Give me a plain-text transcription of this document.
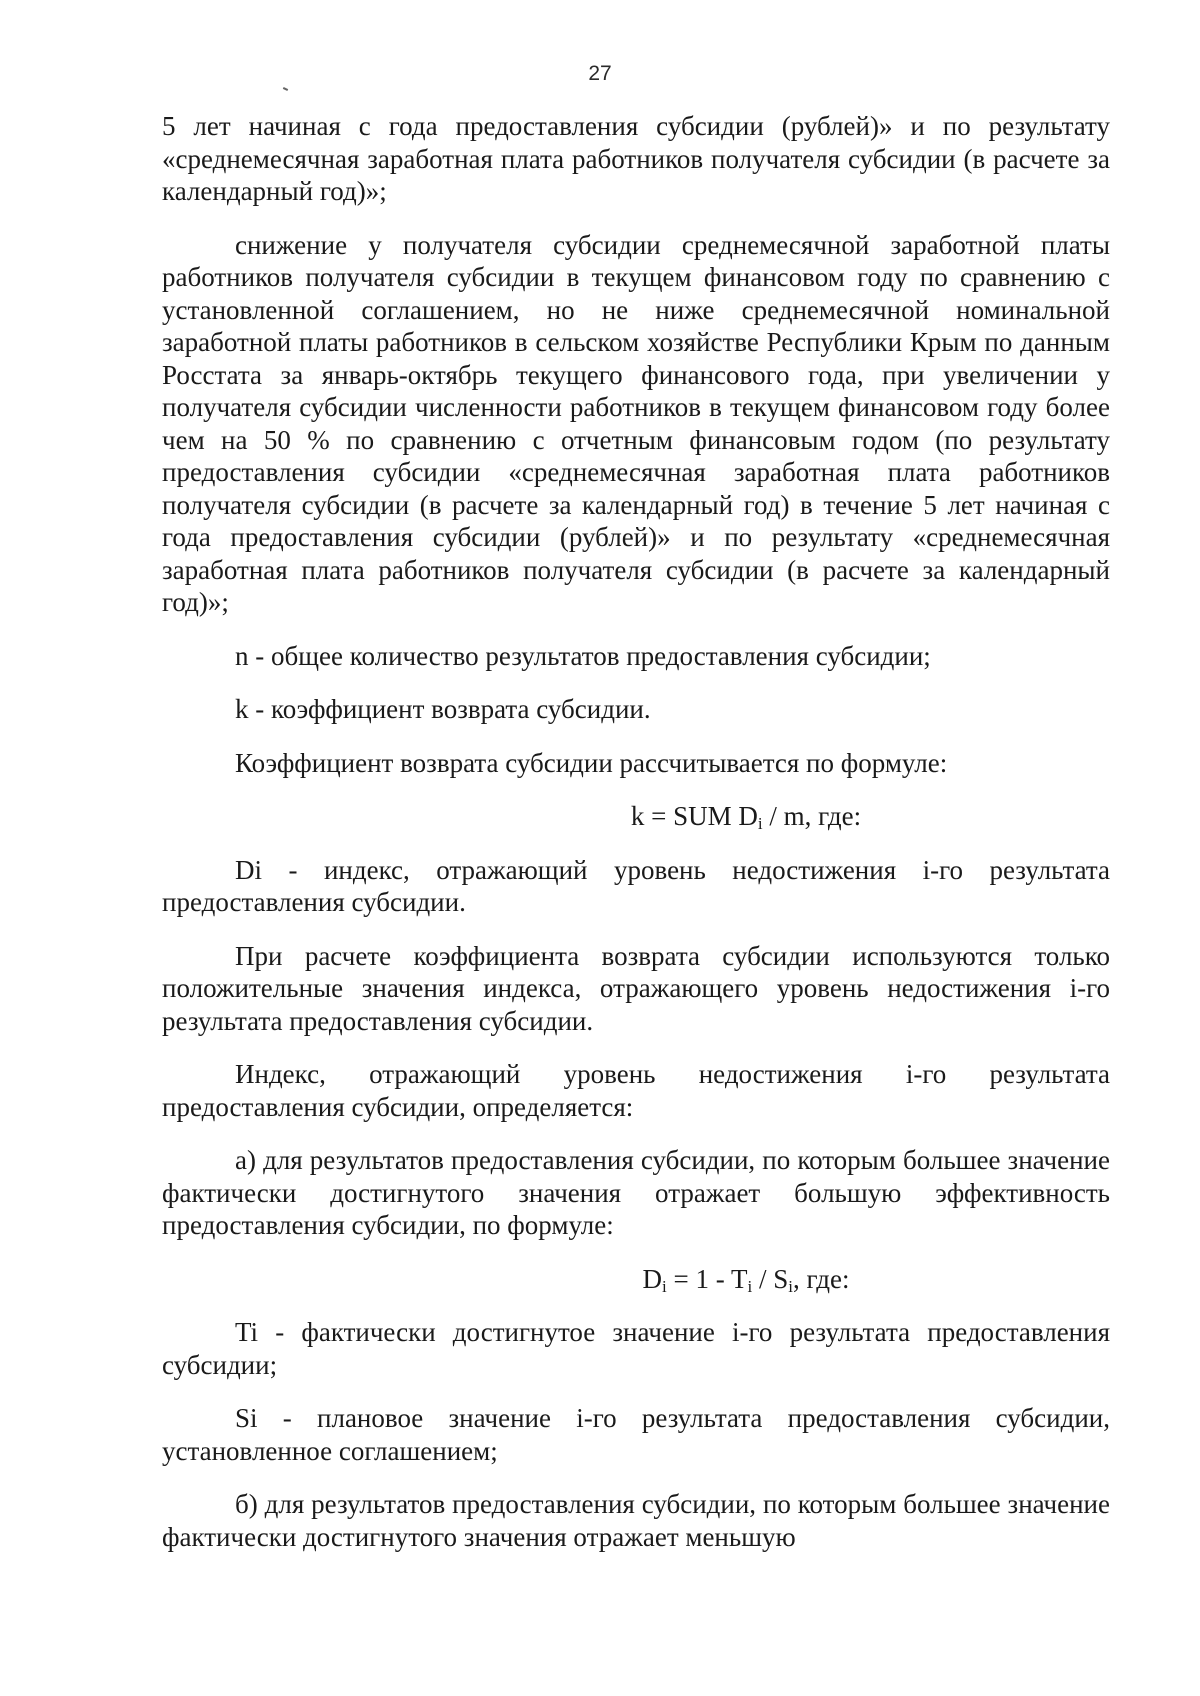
27

5 лет начиная с года предоставления субсидии (рублей)» и по результату «среднемесячная заработная плата работников получателя субсидии (в расчете за календарный год)»;

снижение у получателя субсидии среднемесячной заработной платы работников получателя субсидии в текущем финансовом году по сравнению с установленной соглашением, но не ниже среднемесячной номинальной заработной платы работников в сельском хозяйстве Республики Крым по данным Росстата за январь-октябрь текущего финансового года, при увеличении у получателя субсидии численности работников в текущем финансовом году более чем на 50 % по сравнению с отчетным финансовым годом (по результату предоставления субсидии «среднемесячная заработная плата работников получателя субсидии (в расчете за календарный год) в течение 5 лет начиная с года предоставления субсидии (рублей)» и по результату «среднемесячная заработная плата работников получателя субсидии (в расчете за календарный год)»;

n - общее количество результатов предоставления субсидии;

k - коэффициент возврата субсидии.

Коэффициент возврата субсидии рассчитывается по формуле:

k = SUM $D_i$ / m, где:

Di - индекс, отражающий уровень недостижения i-го результата предоставления субсидии.

При расчете коэффициента возврата субсидии используются только положительные значения индекса, отражающего уровень недостижения i-го результата предоставления субсидии.

Индекс, отражающий уровень недостижения i-го результата предоставления субсидии, определяется:

а) для результатов предоставления субсидии, по которым большее значение фактически достигнутого значения отражает большую эффективность предоставления субсидии, по формуле:

$D_i = 1 - T_i / S_i$, где:

Ti - фактически достигнутое значение i-го результата предоставления субсидии;

Si - плановое значение i-го результата предоставления субсидии, установленное соглашением;

б) для результатов предоставления субсидии, по которым большее значение фактически достигнутого значения отражает меньшую
